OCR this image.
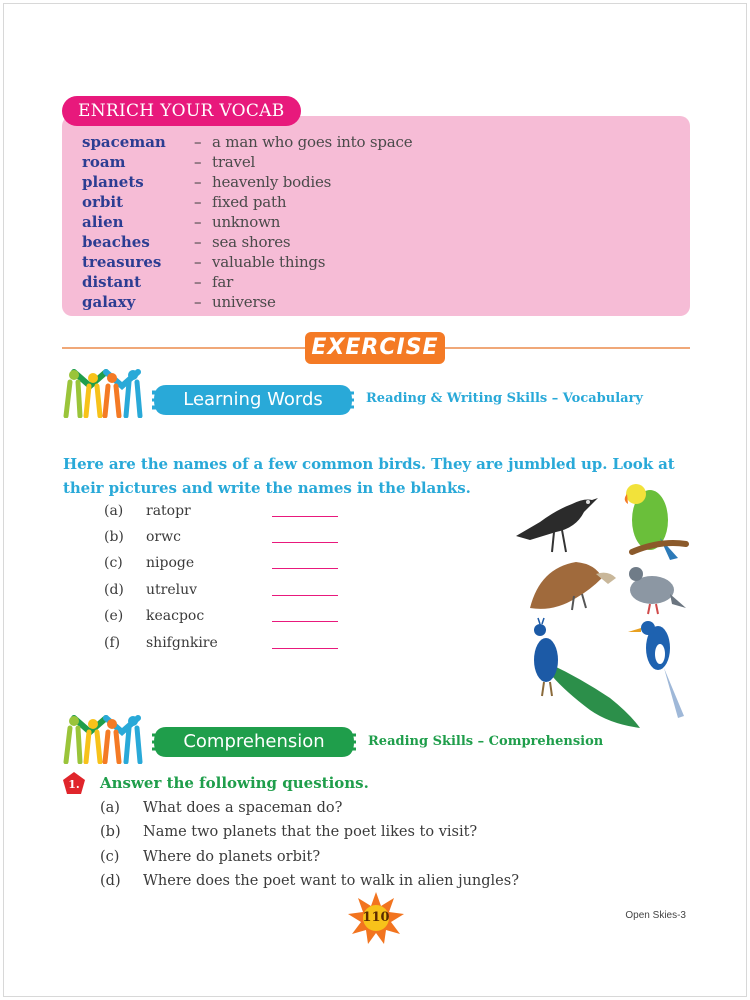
ENRICH YOUR VOCAB
spaceman	– a man who goes into space
roam	– travel
planets	– heavenly bodies
orbit	– fixed path
alien	– unknown
beaches	– sea shores
treasures	– valuable things
distant	– far
galaxy	– universe
EXERCISE
Learning Words	Reading & Writing Skills – Vocabulary
Here are the names of a few common birds. They are jumbled up. Look at their pictures and write the names in the blanks.
(a)	ratopr
(b)	orwc
(c)	nipoge
(d)	utreluv
(e)	keacpoc
(f)	shifgnkire
Comprehension	Reading Skills – Comprehension
1. Answer the following questions.
(a)	What does a spaceman do?
(b)	Name two planets that the poet likes to visit?
(c)	Where do planets orbit?
(d)	Where does the poet want to walk in alien jungles?
110	Open Skies-3
